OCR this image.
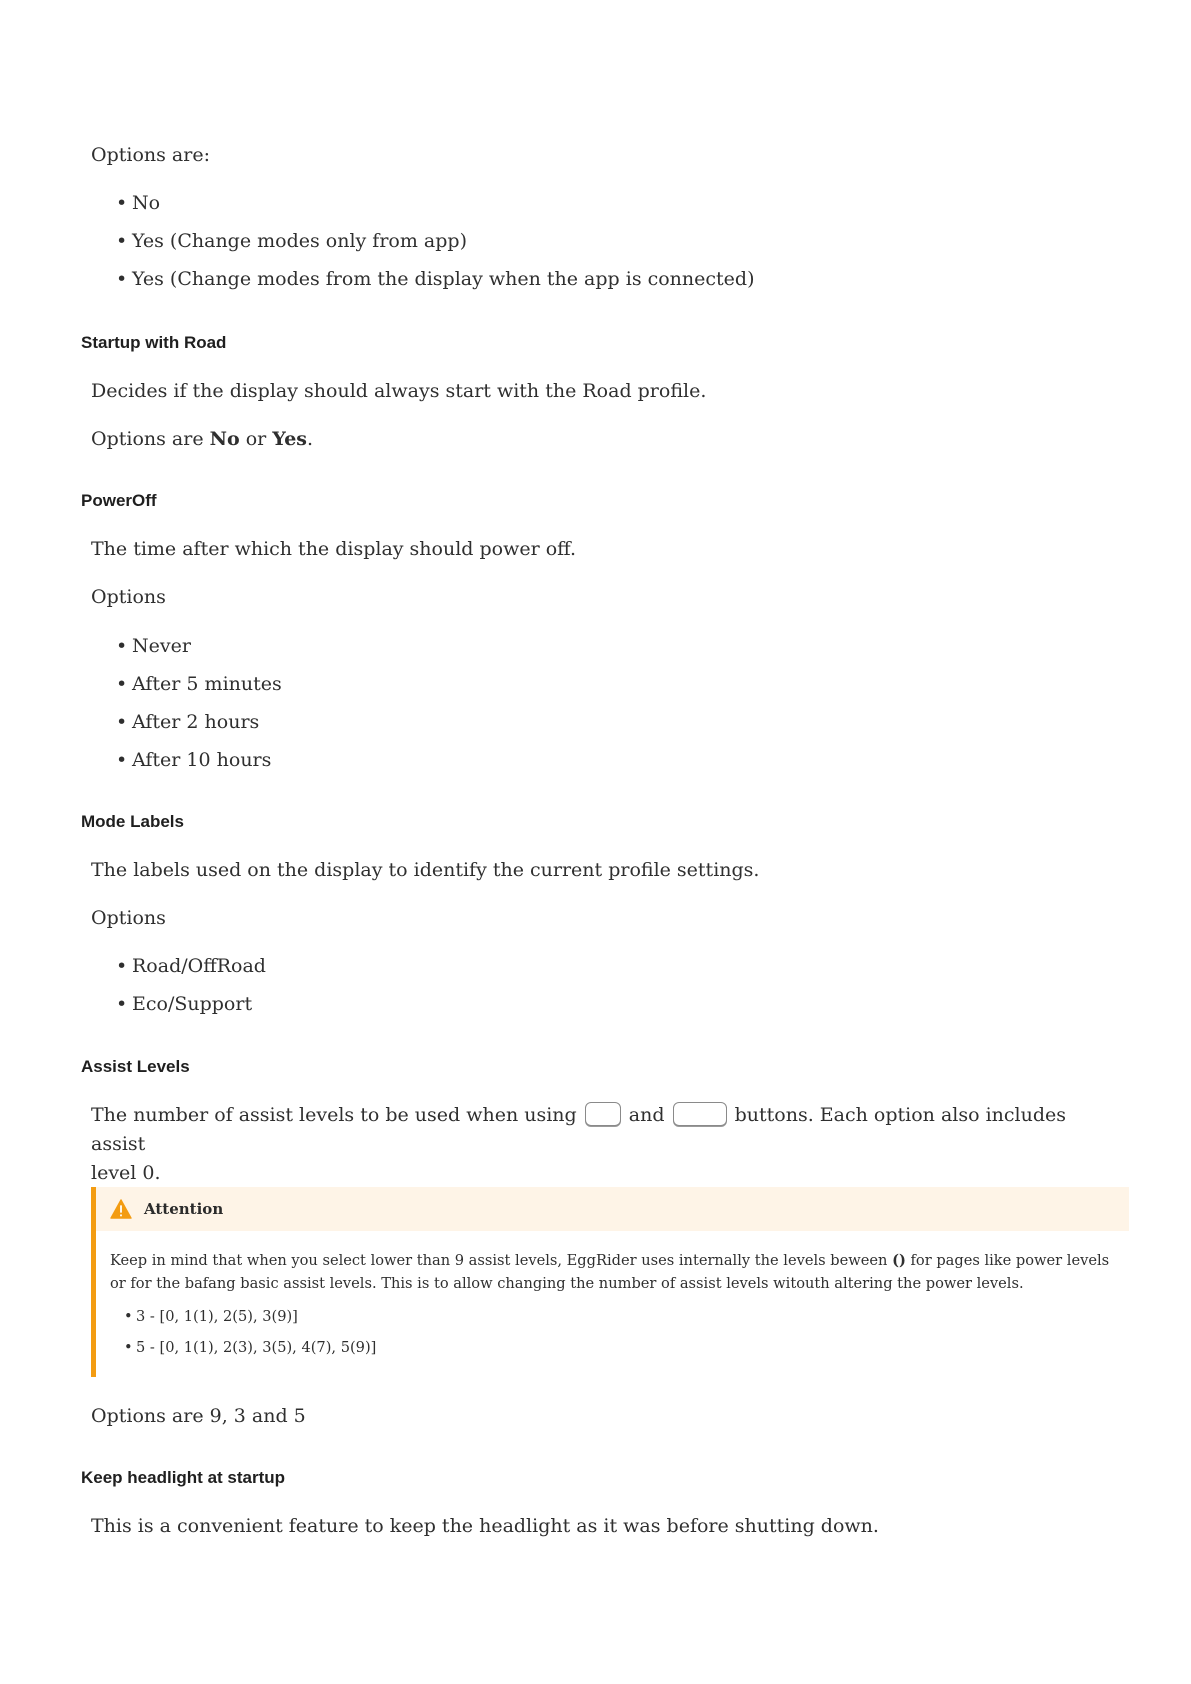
Options are:

• No
• Yes (Change modes only from app)
• Yes (Change modes from the display when the app is connected)
Startup with Road

Decides if the display should always start with the Road profile.

Options are No or Yes.

PowerOff

The time after which the display should power off.

Options

• Never
• After 5 minutes
• After 2 hours
• After 10 hours
Mode Labels

The labels used on the display to identify the current profile settings.

Options

• Road/OffRoad
• Eco/Support
Assist Levels

The number of assist levels to be used when using	and	buttons. Each option also includes assist
level 0.

Attention
Keep in mind that when you select lower than 9 assist levels, EggRider uses internally the levels beween () for pages like power levels or for the bafang basic assist levels. This is to allow changing the number of assist levels witouth altering the power levels.
• 3 - [0, 1(1), 2(5), 3(9)]
• 5 - [0, 1(1), 2(3), 3(5), 4(7), 5(9)]

Options are 9, 3 and 5

Keep headlight at startup

This is a convenient feature to keep the headlight as it was before shutting down.
